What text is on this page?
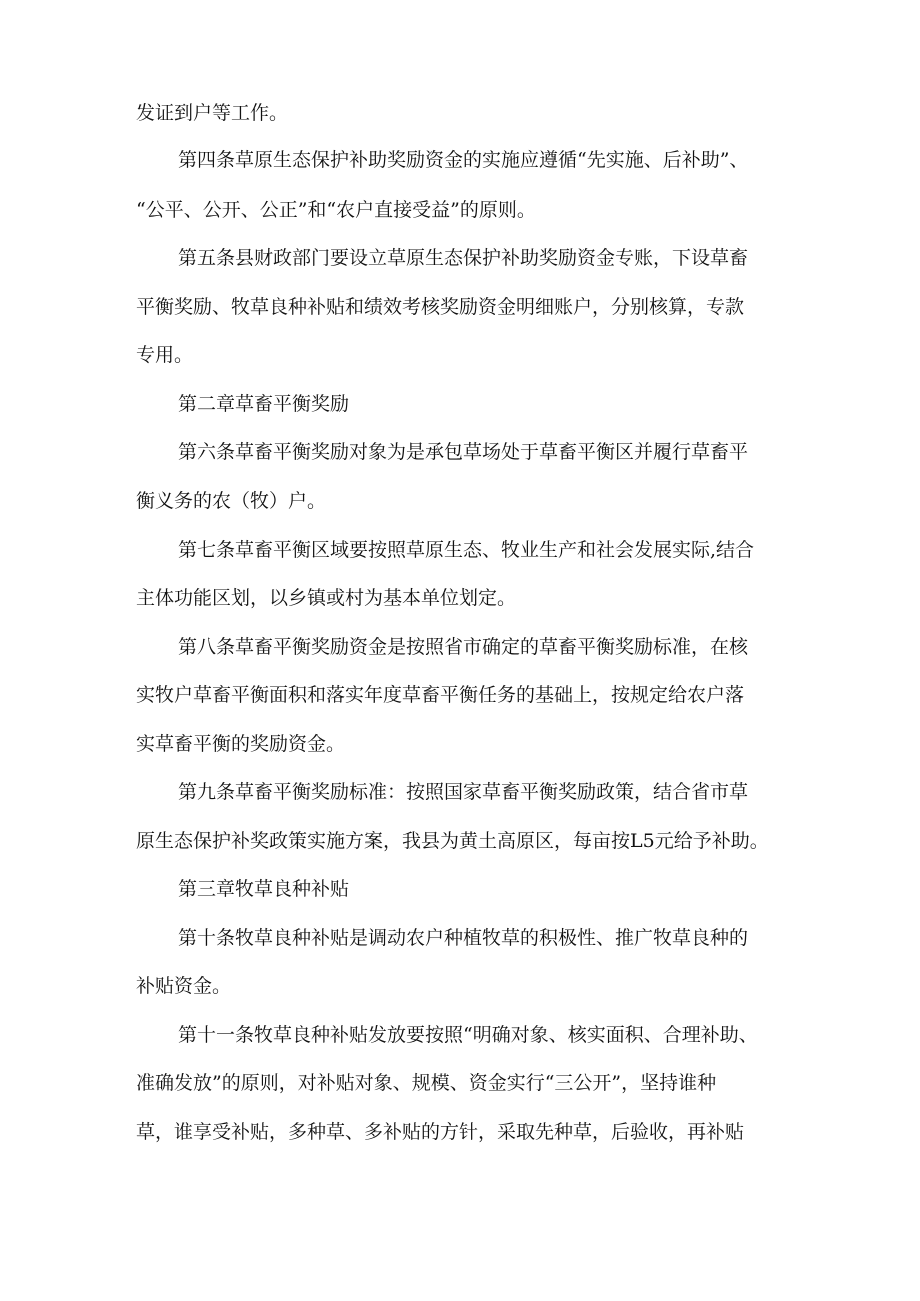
发证到户等工作。
第四条草原生态保护补助奖励资金的实施应遵循“先实施、后补助”、
“公平、公开、公正”和“农户直接受益”的原则。
第五条县财政部门要设立草原生态保护补助奖励资金专账，下设草畜
平衡奖励、牧草良种补贴和绩效考核奖励资金明细账户，分别核算，专款
专用。
第二章草畜平衡奖励
第六条草畜平衡奖励对象为是承包草场处于草畜平衡区并履行草畜平
衡义务的农（牧）户。
第七条草畜平衡区域要按照草原生态、牧业生产和社会发展实际,结合
主体功能区划，以乡镇或村为基本单位划定。
第八条草畜平衡奖励资金是按照省市确定的草畜平衡奖励标准，在核
实牧户草畜平衡面积和落实年度草畜平衡任务的基础上，按规定给农户落
实草畜平衡的奖励资金。
第九条草畜平衡奖励标准：按照国家草畜平衡奖励政策，结合省市草
原生态保护补奖政策实施方案，我县为黄土高原区，每亩按L5元给予补助。
第三章牧草良种补贴
第十条牧草良种补贴是调动农户种植牧草的积极性、推广牧草良种的
补贴资金。
第十一条牧草良种补贴发放要按照“明确对象、核实面积、合理补助、
准确发放”的原则，对补贴对象、规模、资金实行“三公开”，坚持谁种
草，谁享受补贴，多种草、多补贴的方针，采取先种草，后验收，再补贴
